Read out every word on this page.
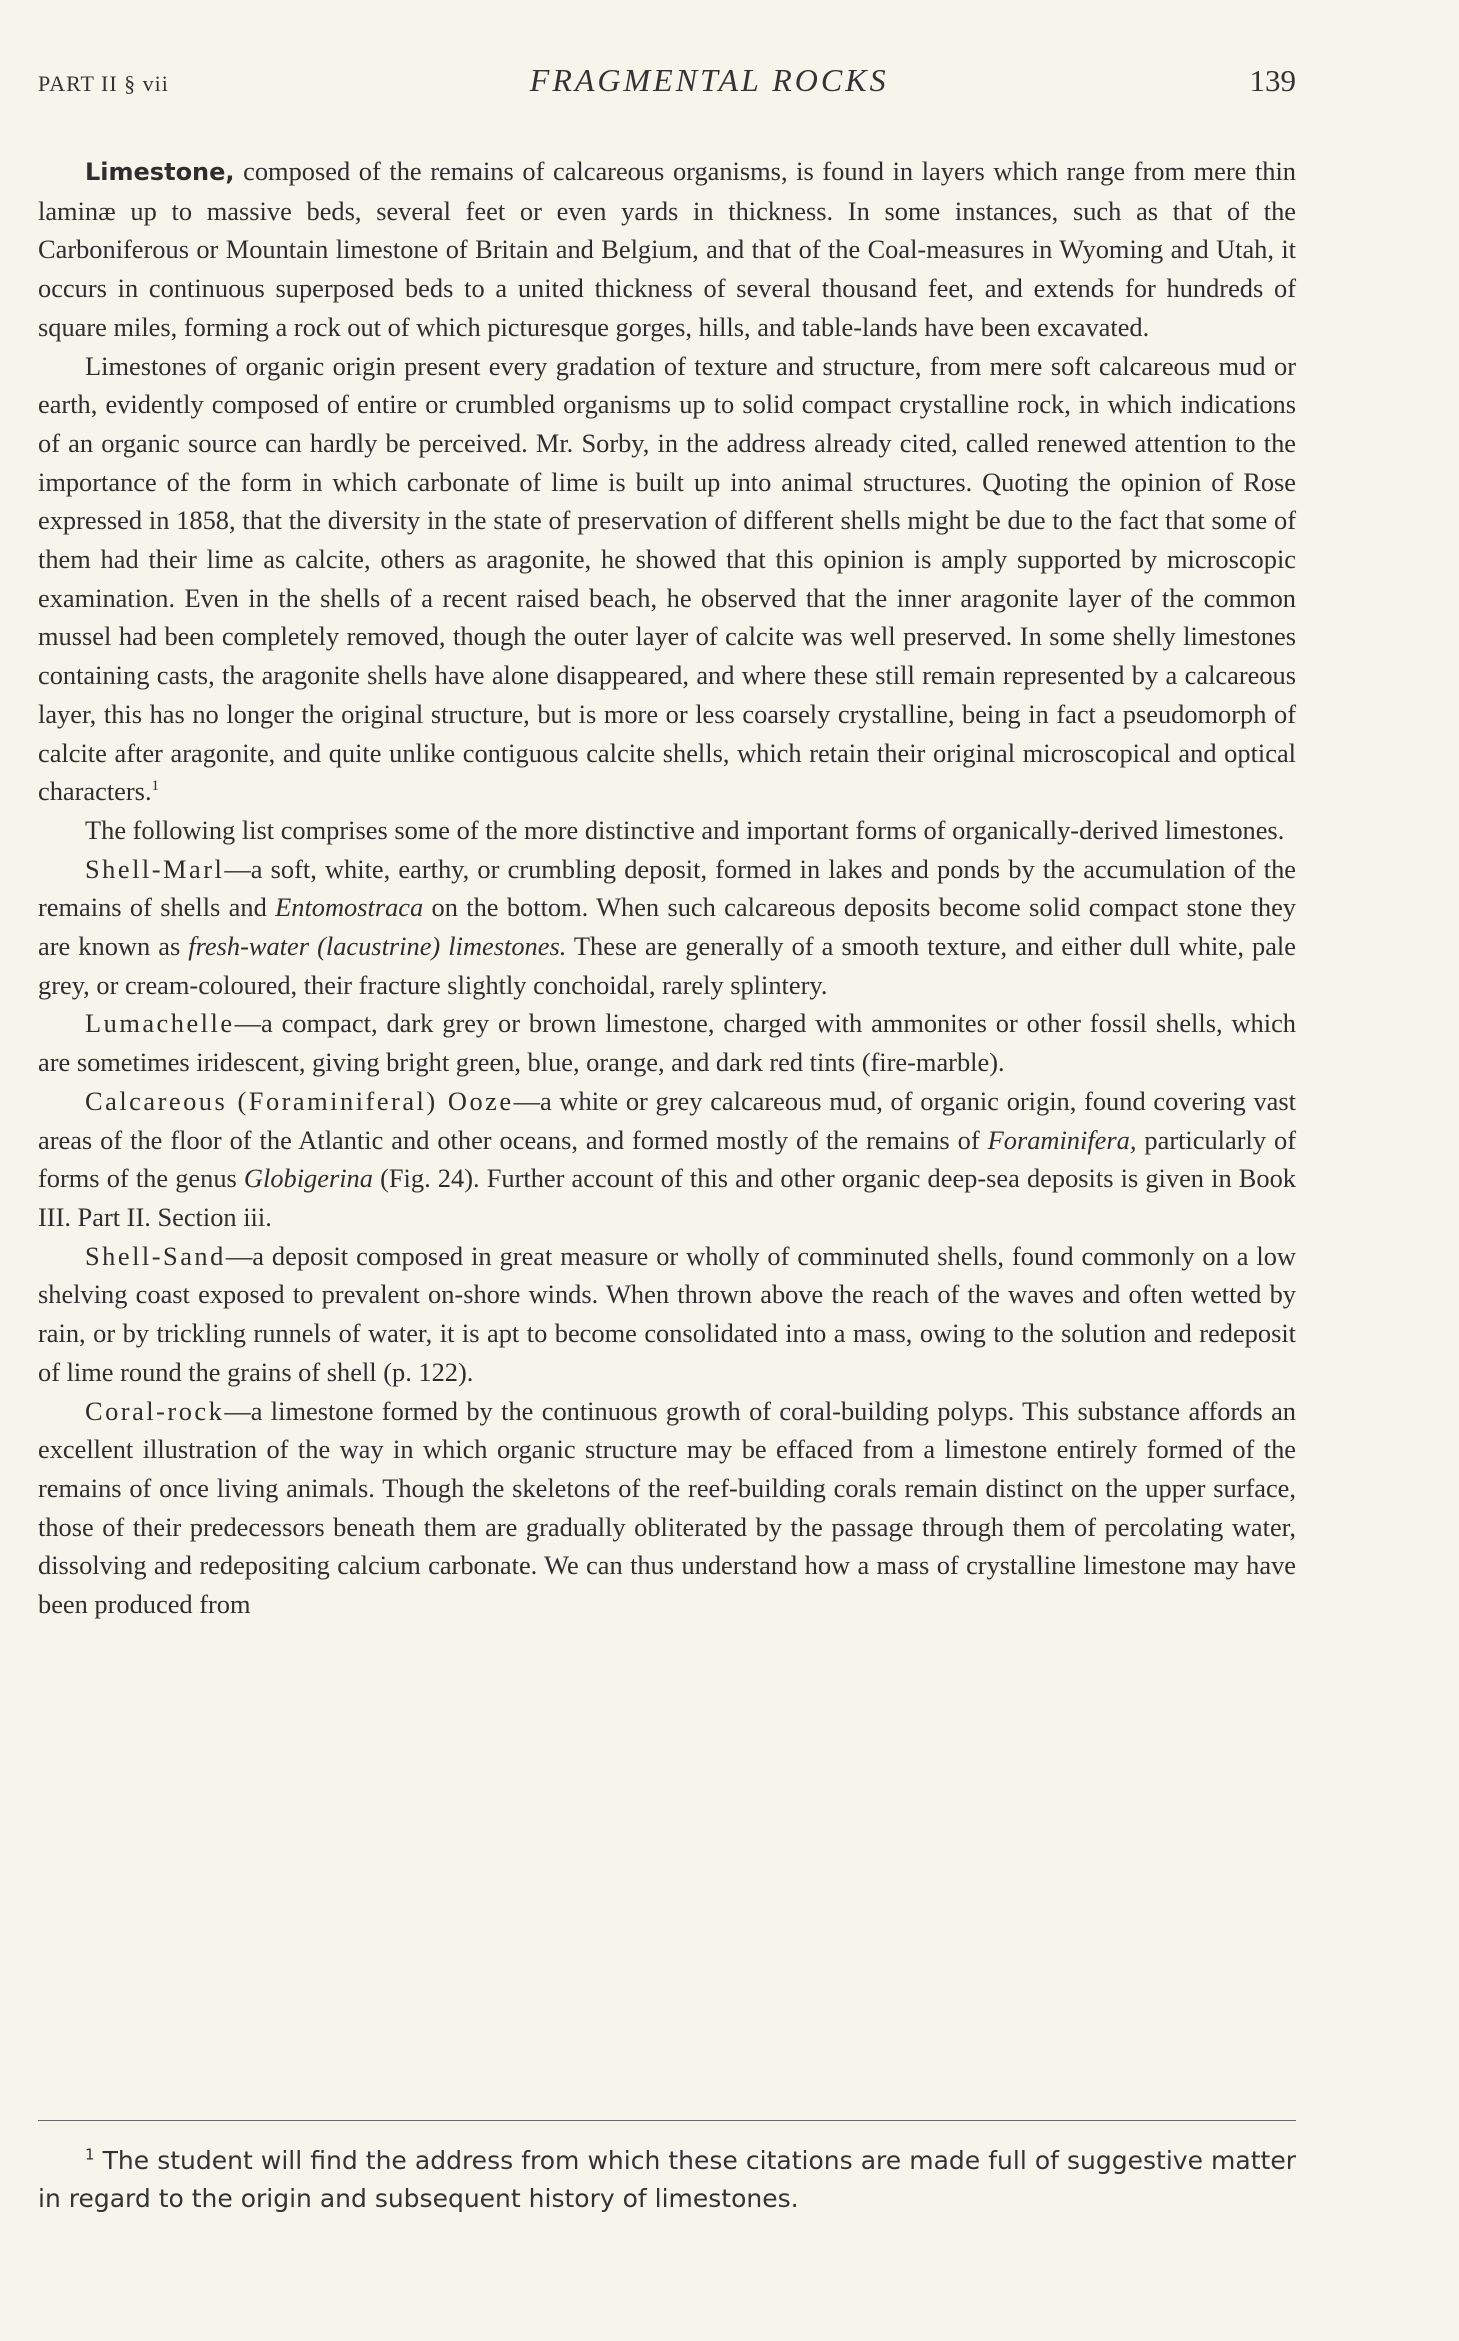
PART II § vii	FRAGMENTAL ROCKS	139

Limestone, composed of the remains of calcareous organisms, is found in layers which range from mere thin laminæ up to massive beds, several feet or even yards in thickness. In some instances, such as that of the Carboniferous or Mountain limestone of Britain and Belgium, and that of the Coal-measures in Wyoming and Utah, it occurs in continuous superposed beds to a united thickness of several thousand feet, and extends for hundreds of square miles, forming a rock out of which picturesque gorges, hills, and table-lands have been excavated.

Limestones of organic origin present every gradation of texture and structure, from mere soft calcareous mud or earth, evidently composed of entire or crumbled organisms up to solid compact crystalline rock, in which indications of an organic source can hardly be perceived. Mr. Sorby, in the address already cited, called renewed attention to the importance of the form in which carbonate of lime is built up into animal structures. Quoting the opinion of Rose expressed in 1858, that the diversity in the state of preservation of different shells might be due to the fact that some of them had their lime as calcite, others as aragonite, he showed that this opinion is amply supported by microscopic examination. Even in the shells of a recent raised beach, he observed that the inner aragonite layer of the common mussel had been completely removed, though the outer layer of calcite was well preserved. In some shelly limestones containing casts, the aragonite shells have alone disappeared, and where these still remain represented by a calcareous layer, this has no longer the original structure, but is more or less coarsely crystalline, being in fact a pseudomorph of calcite after aragonite, and quite unlike contiguous calcite shells, which retain their original microscopical and optical characters.$^1$

The following list comprises some of the more distinctive and important forms of organically-derived limestones.

Shell-Marl—a soft, white, earthy, or crumbling deposit, formed in lakes and ponds by the accumulation of the remains of shells and Entomostraca on the bottom. When such calcareous deposits become solid compact stone they are known as fresh-water (lacustrine) limestones. These are generally of a smooth texture, and either dull white, pale grey, or cream-coloured, their fracture slightly conchoidal, rarely splintery.

Lumachelle—a compact, dark grey or brown limestone, charged with ammonites or other fossil shells, which are sometimes iridescent, giving bright green, blue, orange, and dark red tints (fire-marble).

Calcareous (Foraminiferal) Ooze—a white or grey calcareous mud, of organic origin, found covering vast areas of the floor of the Atlantic and other oceans, and formed mostly of the remains of Foraminifera, particularly of forms of the genus Globigerina (Fig. 24). Further account of this and other organic deep-sea deposits is given in Book III. Part II. Section iii.

Shell-Sand—a deposit composed in great measure or wholly of comminuted shells, found commonly on a low shelving coast exposed to prevalent on-shore winds. When thrown above the reach of the waves and often wetted by rain, or by trickling runnels of water, it is apt to become consolidated into a mass, owing to the solution and redeposit of lime round the grains of shell (p. 122).

Coral-rock—a limestone formed by the continuous growth of coral-building polyps. This substance affords an excellent illustration of the way in which organic structure may be effaced from a limestone entirely formed of the remains of once living animals. Though the skeletons of the reef-building corals remain distinct on the upper surface, those of their predecessors beneath them are gradually obliterated by the passage through them of percolating water, dissolving and redepositing calcium carbonate. We can thus understand how a mass of crystalline limestone may have been produced from

$^1$ The student will find the address from which these citations are made full of suggestive matter in regard to the origin and subsequent history of limestones.
